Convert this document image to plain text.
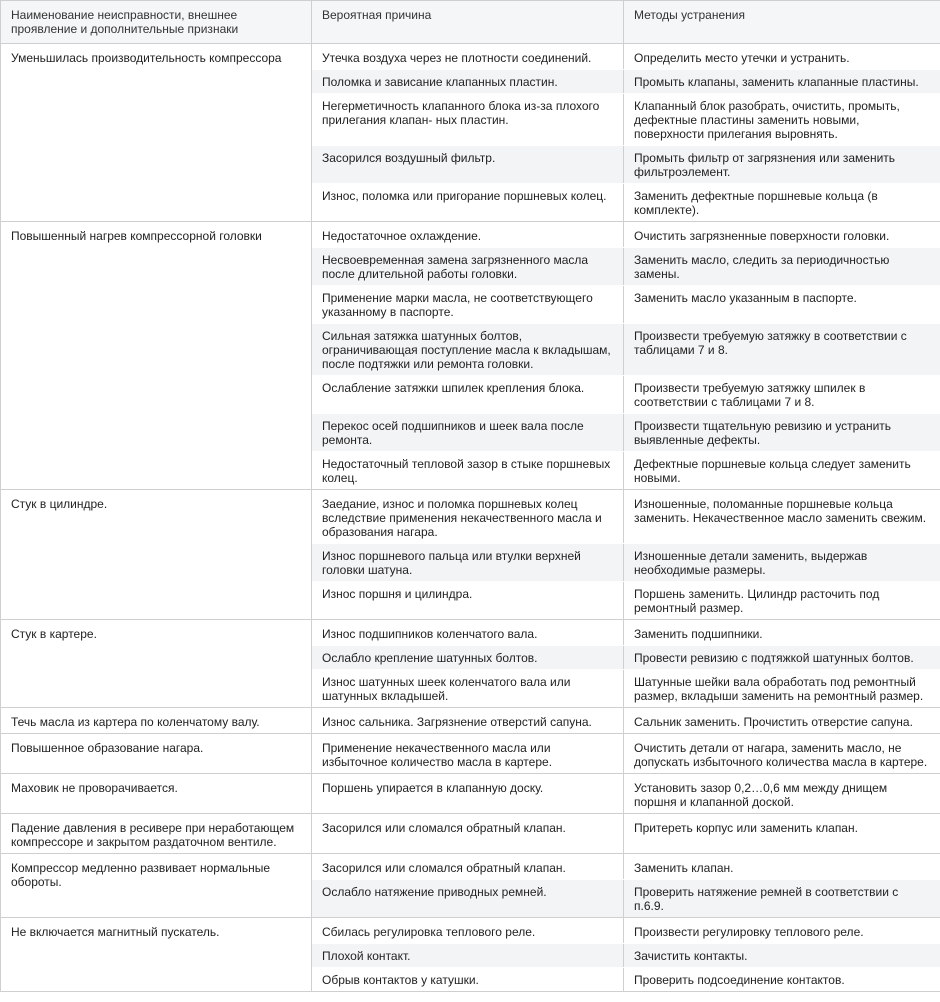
Наименование неисправности, внешнее проявление и дополнительные признаки	Вероятная причина	Методы устранения
Уменьшилась производительность компрессора	Утечка воздуха через не плотности соединений.	Определить место утечки и устранить.
	Поломка и зависание клапанных пластин.	Промыть клапаны, заменить клапанные пластины.
	Негерметичность клапанного блока из-за плохого прилегания клапан- ных пластин.	Клапанный блок разобрать, очистить, промыть, дефектные пластины заменить новыми, поверхности прилегания выровнять.
	Засорился воздушный фильтр.	Промыть фильтр от загрязнения или заменить фильтроэлемент.
	Износ, поломка или пригорание поршневых колец.	Заменить дефектные поршневые кольца (в комплекте).
Повышенный нагрев компрессорной головки	Недостаточное охлаждение.	Очистить загрязненные поверхности головки.
	Несвоевременная замена загрязненного масла после длительной работы головки.	Заменить масло, следить за периодичностью замены.
	Применение марки масла, не соответствующего указанному в паспорте.	Заменить масло указанным в паспорте.
	Сильная затяжка шатунных болтов, ограничивающая поступление масла к вкладышам, после подтяжки или ремонта головки.	Произвести требуемую затяжку в соответствии с таблицами 7 и 8.
	Ослабление затяжки шпилек крепления блока.	Произвести требуемую затяжку шпилек в соответствии с таблицами 7 и 8.
	Перекос осей подшипников и шеек вала после ремонта.	Произвести тщательную ревизию и устранить выявленные дефекты.
	Недостаточный тепловой зазор в стыке поршневых колец.	Дефектные поршневые кольца следует заменить новыми.
Стук в цилиндре.	Заедание, износ и поломка поршневых колец вследствие применения некачественного масла и образования нагара.	Изношенные, поломанные поршневые кольца заменить. Некачественное масло заменить свежим.
	Износ поршневого пальца или втулки верхней головки шатуна.	Изношенные детали заменить, выдержав необходимые размеры.
	Износ поршня и цилиндра.	Поршень заменить. Цилиндр расточить под ремонтный размер.
Стук в картере.	Износ подшипников коленчатого вала.	Заменить подшипники.
	Ослабло крепление шатунных болтов.	Провести ревизию с подтяжкой шатунных болтов.
	Износ шатунных шеек коленчатого вала или шатунных вкладышей.	Шатунные шейки вала обработать под ремонтный размер, вкладыши заменить на ремонтный размер.
Течь масла из картера по коленчатому валу.	Износ сальника. Загрязнение отверстий сапуна.	Сальник заменить. Прочистить отверстие сапуна.
Повышенное образование нагара.	Применение некачественного масла или избыточное количество масла в картере.	Очистить детали от нагара, заменить масло, не допускать избыточного количества масла в картере.
Маховик не проворачивается.	Поршень упирается в клапанную доску.	Установить зазор 0,2…0,6 мм между днищем поршня и клапанной доской.
Падение давления в ресивере при неработающем компрессоре и закрытом раздаточном вентиле.	Засорился или сломался обратный клапан.	Притереть корпус или заменить клапан.
Компрессор медленно развивает нормальные обороты.	Засорился или сломался обратный клапан.	Заменить клапан.
	Ослабло натяжение приводных ремней.	Проверить натяжение ремней в соответствии с п.6.9.
Не включается магнитный пускатель.	Сбилась регулировка теплового реле.	Произвести регулировку теплового реле.
	Плохой контакт.	Зачистить контакты.
	Обрыв контактов у катушки.	Проверить подсоединение контактов.
